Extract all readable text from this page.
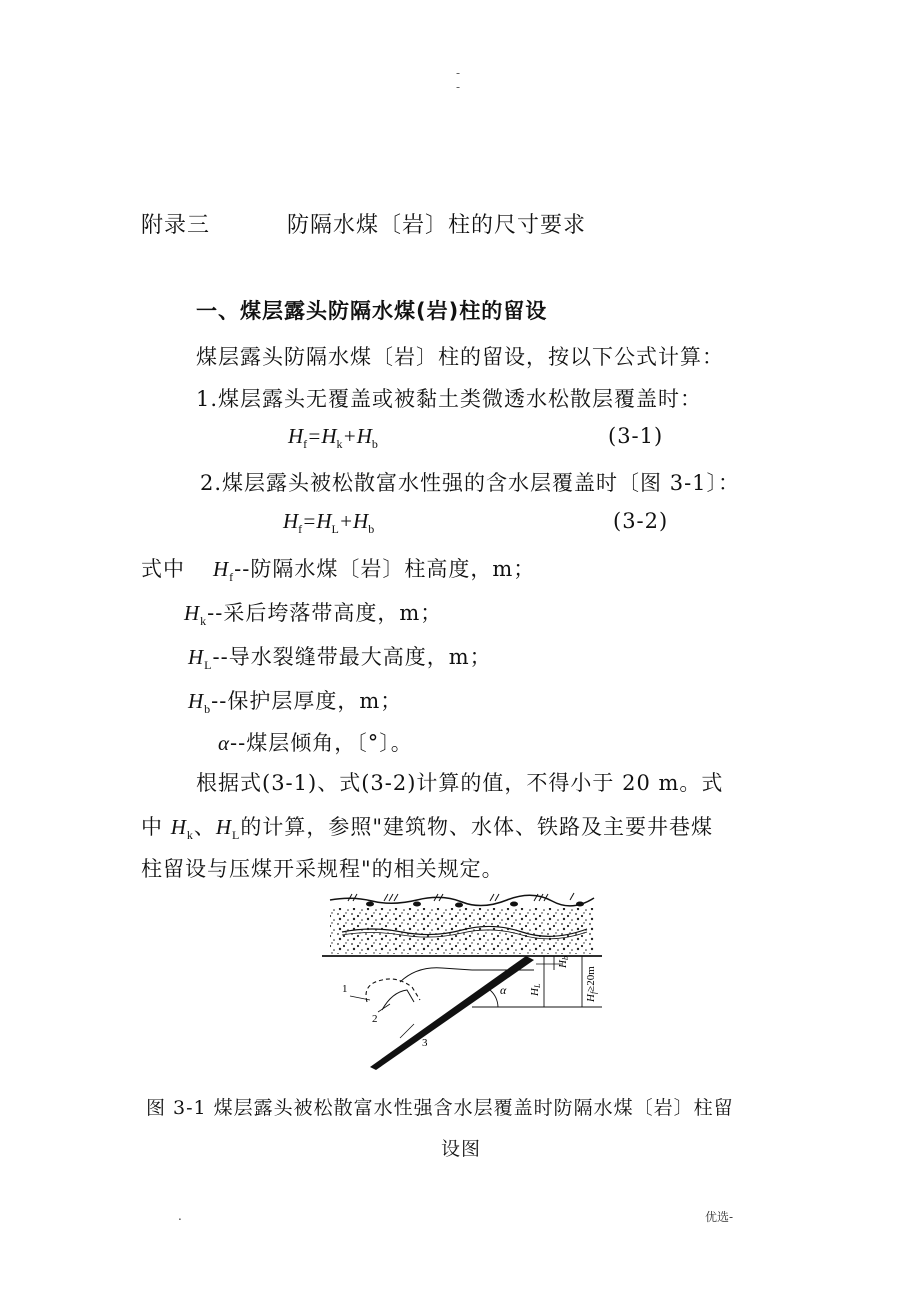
-
-
附录三	防隔水煤〔岩〕柱的尺寸要求
一、煤层露头防隔水煤(岩)柱的留设
煤层露头防隔水煤〔岩〕柱的留设，按以下公式计算：
1.煤层露头无覆盖或被黏土类微透水松散层覆盖时：
$H_f=H_k+H_b$	(3-1)
2.煤层露头被松散富水性强的含水层覆盖时〔图 3-1〕：
$H_f=H_L+H_b$	(3-2)
式中 $H_f--$防隔水煤〔岩〕柱高度，m；
$H_k--$采后垮落带高度，m；
$H_L--$导水裂缝带最大高度，m；
$H_b--$保护层厚度，m；
α--煤层倾角，〔°〕。
根据式(3-1)、式(3-2)计算的值，不得小于 20 m。式
中 $H_k$、$H_L$的计算，参照"建筑物、水体、铁路及主要井巷煤
柱留设与压煤开采规程"的相关规定。
1
2
3
α
Hb
HL
Hf≥20m
图 3-1 煤层露头被松散富水性强含水层覆盖时防隔水煤〔岩〕柱留
设图
.	优选-
